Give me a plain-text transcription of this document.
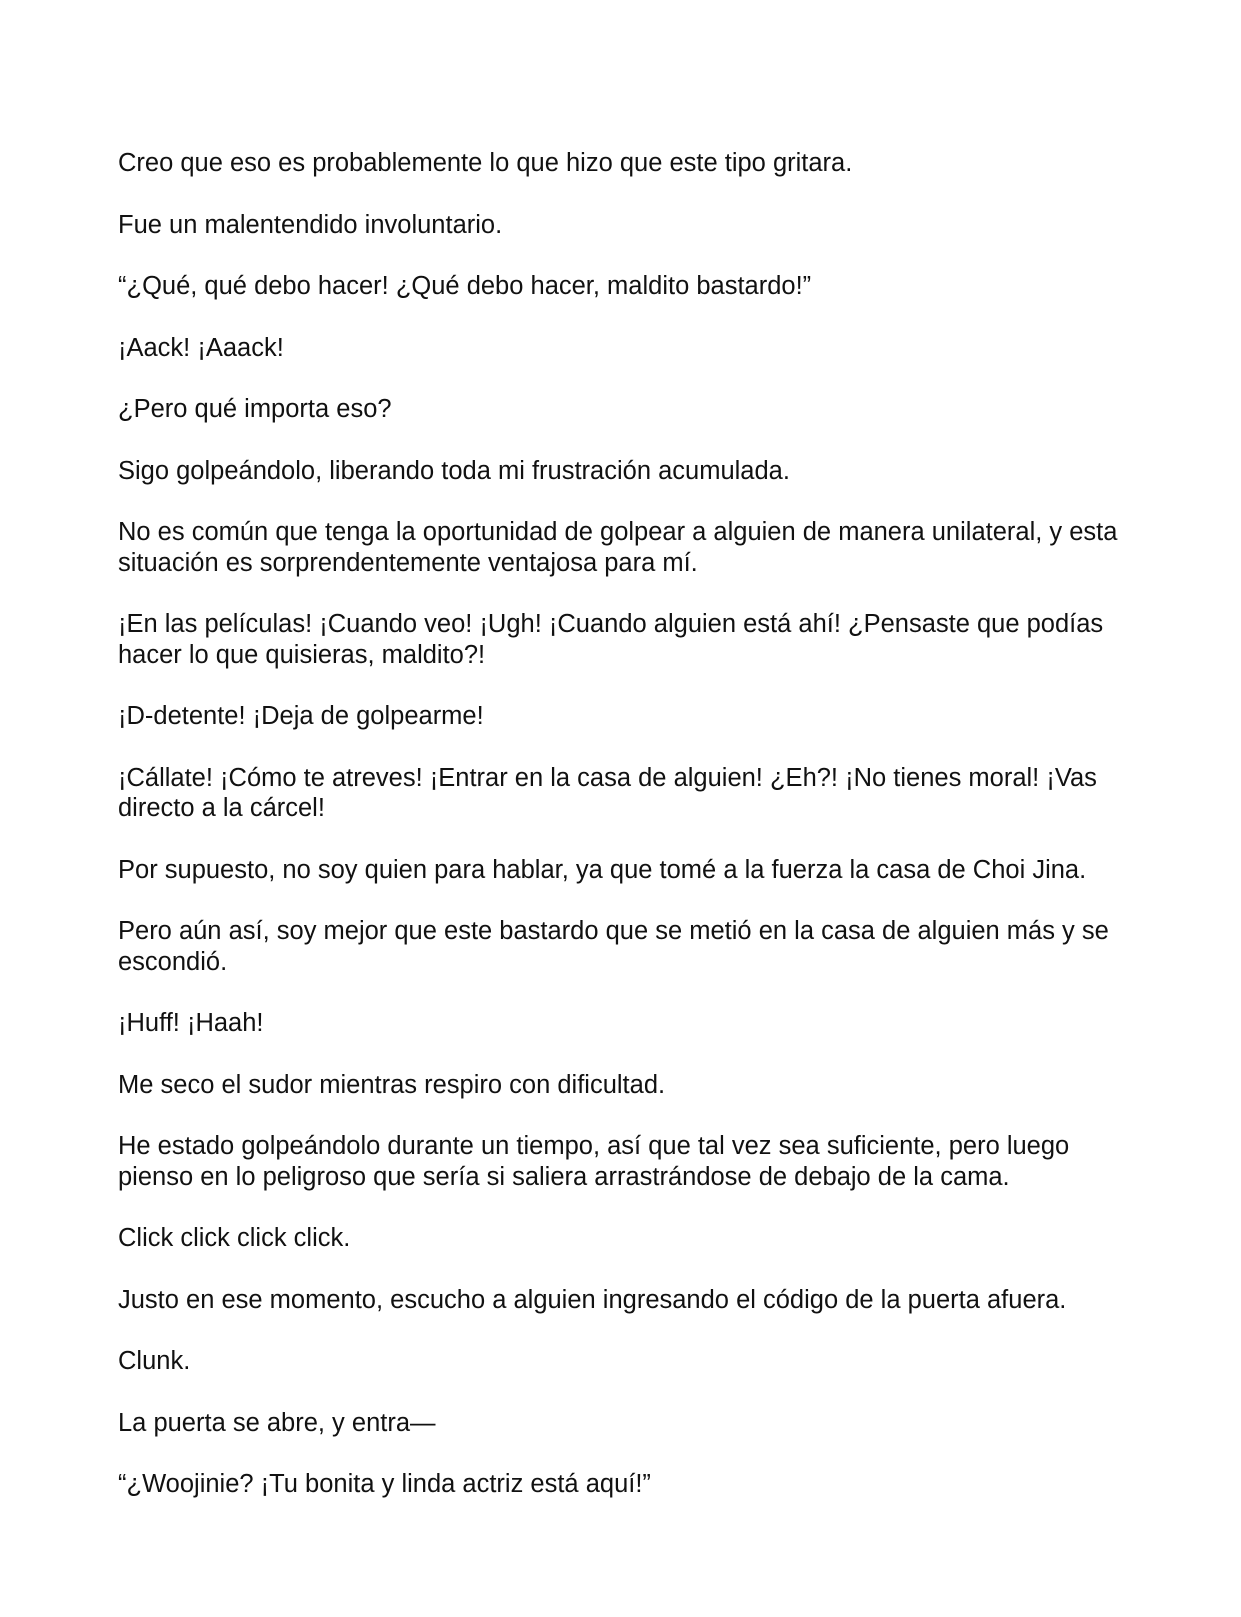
Creo que eso es probablemente lo que hizo que este tipo gritara.

Fue un malentendido involuntario.

“¿Qué, qué debo hacer! ¿Qué debo hacer, maldito bastardo!”

¡Aack! ¡Aaack!

¿Pero qué importa eso?

Sigo golpeándolo, liberando toda mi frustración acumulada.

No es común que tenga la oportunidad de golpear a alguien de manera unilateral, y esta situación es sorprendentemente ventajosa para mí.

¡En las películas! ¡Cuando veo! ¡Ugh! ¡Cuando alguien está ahí! ¿Pensaste que podías hacer lo que quisieras, maldito?!

¡D-detente! ¡Deja de golpearme!

¡Cállate! ¡Cómo te atreves! ¡Entrar en la casa de alguien! ¿Eh?! ¡No tienes moral! ¡Vas directo a la cárcel!

Por supuesto, no soy quien para hablar, ya que tomé a la fuerza la casa de Choi Jina.

Pero aún así, soy mejor que este bastardo que se metió en la casa de alguien más y se escondió.

¡Huff! ¡Haah!

Me seco el sudor mientras respiro con dificultad.

He estado golpeándolo durante un tiempo, así que tal vez sea suficiente, pero luego pienso en lo peligroso que sería si saliera arrastrándose de debajo de la cama.

Click click click click.

Justo en ese momento, escucho a alguien ingresando el código de la puerta afuera.

Clunk.

La puerta se abre, y entra—

“¿Woojinie? ¡Tu bonita y linda actriz está aquí!”
